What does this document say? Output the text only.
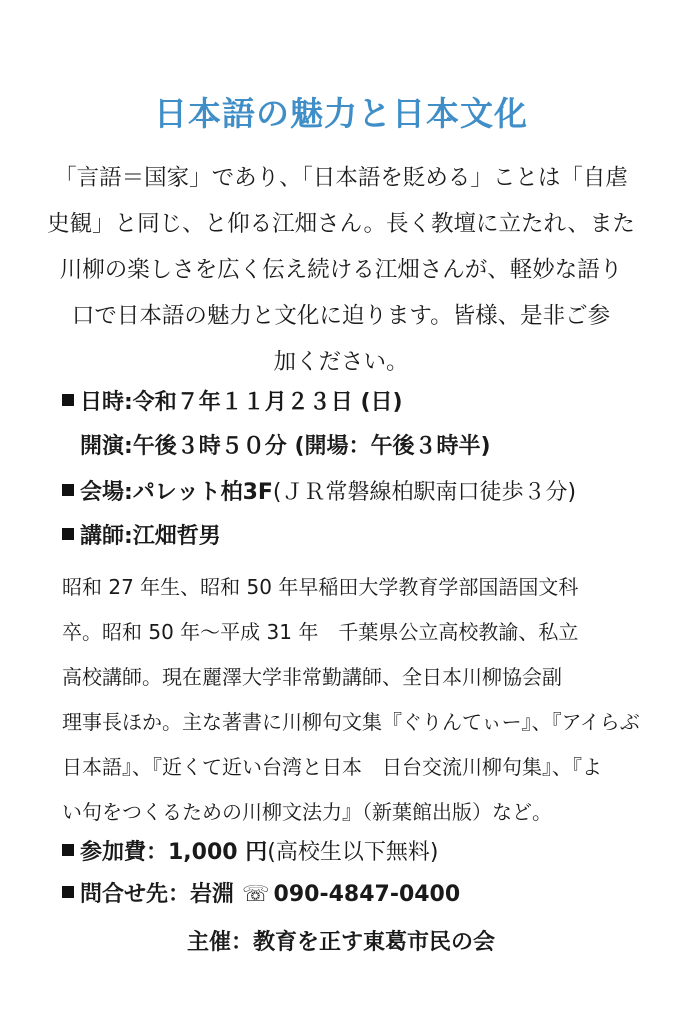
日本語の魅力と日本文化
「言語＝国家」であり、「日本語を貶める」ことは「自虐
史観」と同じ、と仰る江畑さん。長く教壇に立たれ、また
川柳の楽しさを広く伝え続ける江畑さんが、軽妙な語り
口で日本語の魅力と文化に迫ります。皆様、是非ご参
加ください。
日時:令和７年１１月２３日 (日)
開演:午後３時５０分 (開場：午後３時半)
会場:パレット柏3F(ＪＲ常磐線柏駅南口徒歩３分)
講師:江畑哲男
昭和 27 年生、昭和 50 年早稲田大学教育学部国語国文科
卒。昭和 50 年～平成 31 年　千葉県公立高校教諭、私立
高校講師。現在麗澤大学非常勤講師、全日本川柳協会副
理事長ほか。主な著書に川柳句文集『ぐりんてぃー』、『アイらぶ
日本語』、『近くて近い台湾と日本　日台交流川柳句集』、『よ
い句をつくるための川柳文法力』（新葉館出版）など。
参加費：1,000 円(高校生以下無料)
問合せ先：岩淵 ☏ 090-4847-0400
主催：教育を正す東葛市民の会
